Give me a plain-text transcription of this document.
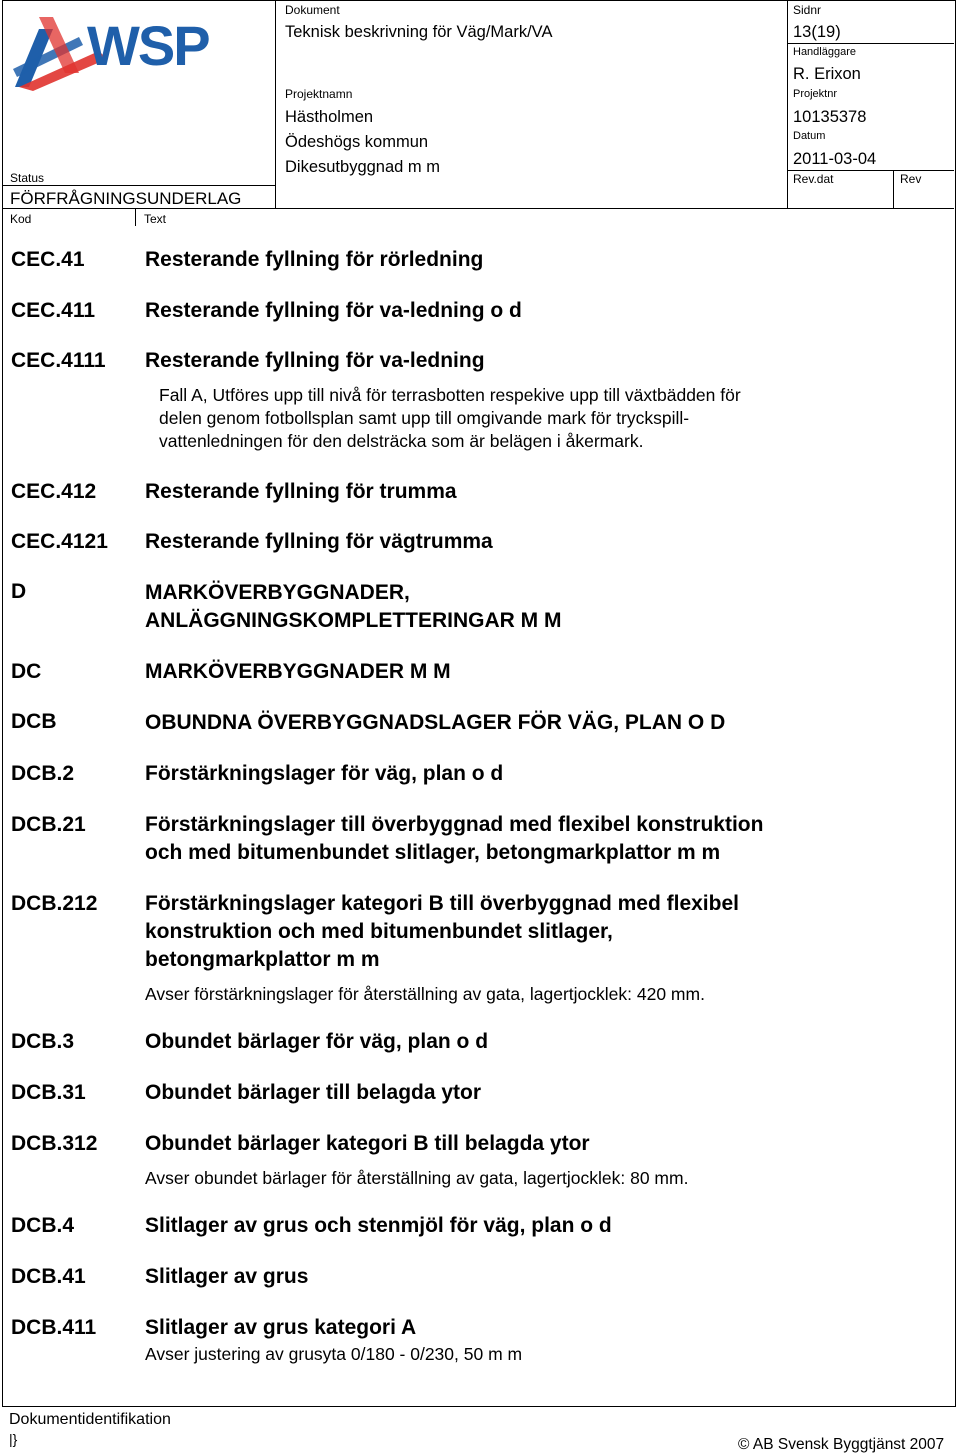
WSP
Status
FÖRFRÅGNINGSUNDERLAG
Kod	Text
Dokument
Teknisk beskrivning för Väg/Mark/VA
Projektnamn
Hästholmen
Ödeshögs kommun
Dikesutbyggnad m m
Sidnr
13(19)
Handläggare
R. Erixon
Projektnr
10135378
Datum
2011-03-04
Rev.dat	Rev
CEC.41	Resterande fyllning för rörledning
CEC.411 Resterande fyllning för va-ledning o d
CEC.4111 Resterande fyllning för va-ledning
Fall A, Utföres upp till nivå för terrasbotten respekive upp till växtbädden för
delen genom fotbollsplan samt upp till omgivande mark för tryckspill-
vattenledningen för den delsträcka som är belägen i åkermark.
CEC.412 Resterande fyllning för trumma
CEC.4121 Resterande fyllning för vägtrumma
D	MARKÖVERBYGGNADER,
ANLÄGGNINGSKOMPLETTERINGAR M M
DC	MARKÖVERBYGGNADER M M
DCB	OBUNDNA ÖVERBYGGNADSLAGER FÖR VÄG, PLAN O D
DCB.2	Förstärkningslager för väg, plan o d
DCB.21	Förstärkningslager till överbyggnad med flexibel konstruktion
och med bitumenbundet slitlager, betongmarkplattor m m
DCB.212 Förstärkningslager kategori B till överbyggnad med flexibel
konstruktion och med bitumenbundet slitlager,
betongmarkplattor m m
Avser förstärkningslager för återställning av gata, lagertjocklek: 420 mm.
DCB.3	Obundet bärlager för väg, plan o d
DCB.31	Obundet bärlager till belagda ytor
DCB.312 Obundet bärlager kategori B till belagda ytor
Avser obundet bärlager för återställning av gata, lagertjocklek: 80 mm.
DCB.4	Slitlager av grus och stenmjöl för väg, plan o d
DCB.41	Slitlager av grus
DCB.411 Slitlager av grus kategori A
Avser justering av grusyta 0/180 - 0/230, 50 m m
Dokumentidentifikation
|}	© AB Svensk Byggtjänst 2007
